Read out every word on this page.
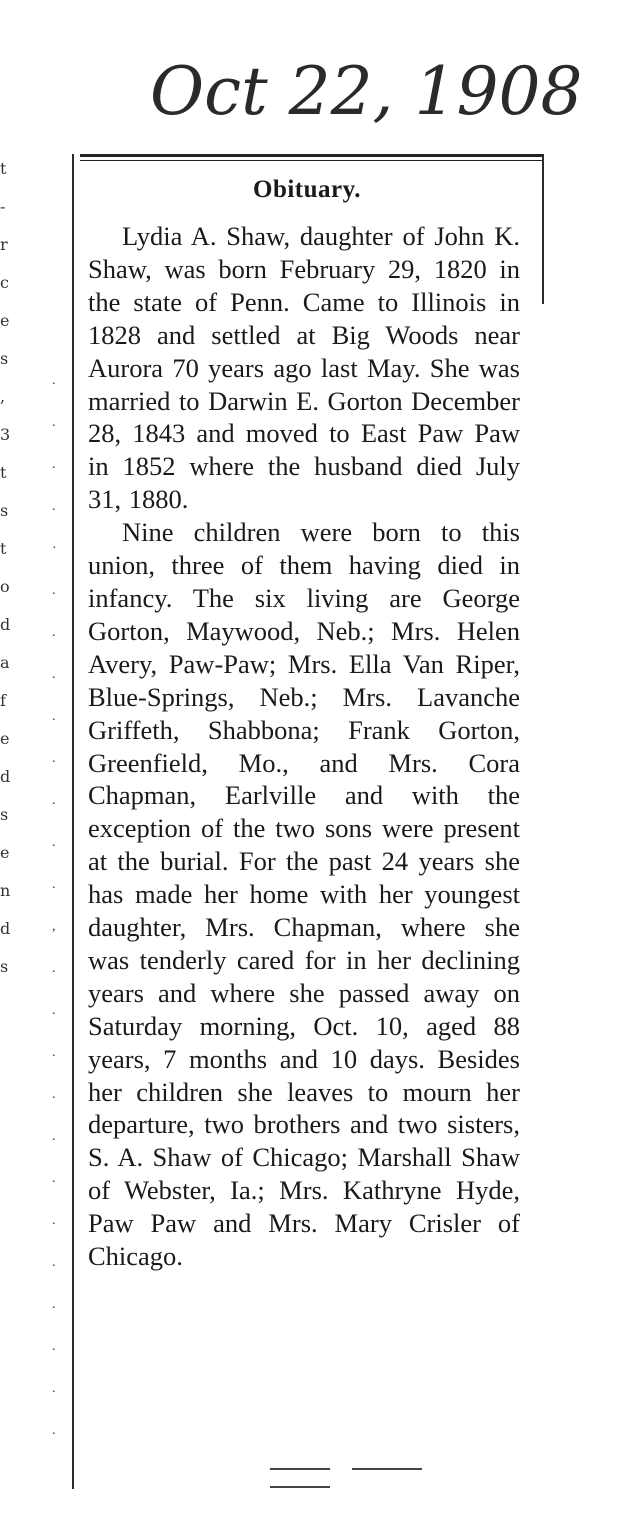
Oct 22, 1908
t
-
r
c
e
s
,
3
t
s
t
o
d
a
f
e
d
s
e
n
d
s
.
.
.
.
·
.
.
.
.
.
.
.
.
,
.
.
.
.
.
.
.
.
.
.
.
.
Obituary.

Lydia A. Shaw, daughter of John K. Shaw, was born February 29, 1820 in the state of Penn. Came to Illinois in 1828 and settled at Big Woods near Aurora 70 years ago last May. She was married to Darwin E. Gorton December 28, 1843 and moved to East Paw Paw in 1852 where the husband died July 31, 1880.

Nine children were born to this union, three of them having died in infancy. The six living are George Gorton, Maywood, Neb.; Mrs. Helen Avery, Paw-Paw; Mrs. Ella Van Riper, Blue-Springs, Neb.; Mrs. Lavanche Griffeth, Shabbona; Frank Gorton, Greenfield, Mo., and Mrs. Cora Chapman, Earlville and with the exception of the two sons were present at the burial. For the past 24 years she has made her home with her youngest daughter, Mrs. Chapman, where she was tenderly cared for in her declining years and where she passed away on Saturday morning, Oct. 10, aged 88 years, 7 months and 10 days. Besides her children she leaves to mourn her departure, two brothers and two sisters, S. A. Shaw of Chicago; Marshall Shaw of Webster, Ia.; Mrs. Kathryne Hyde, Paw Paw and Mrs. Mary Crisler of Chicago.
